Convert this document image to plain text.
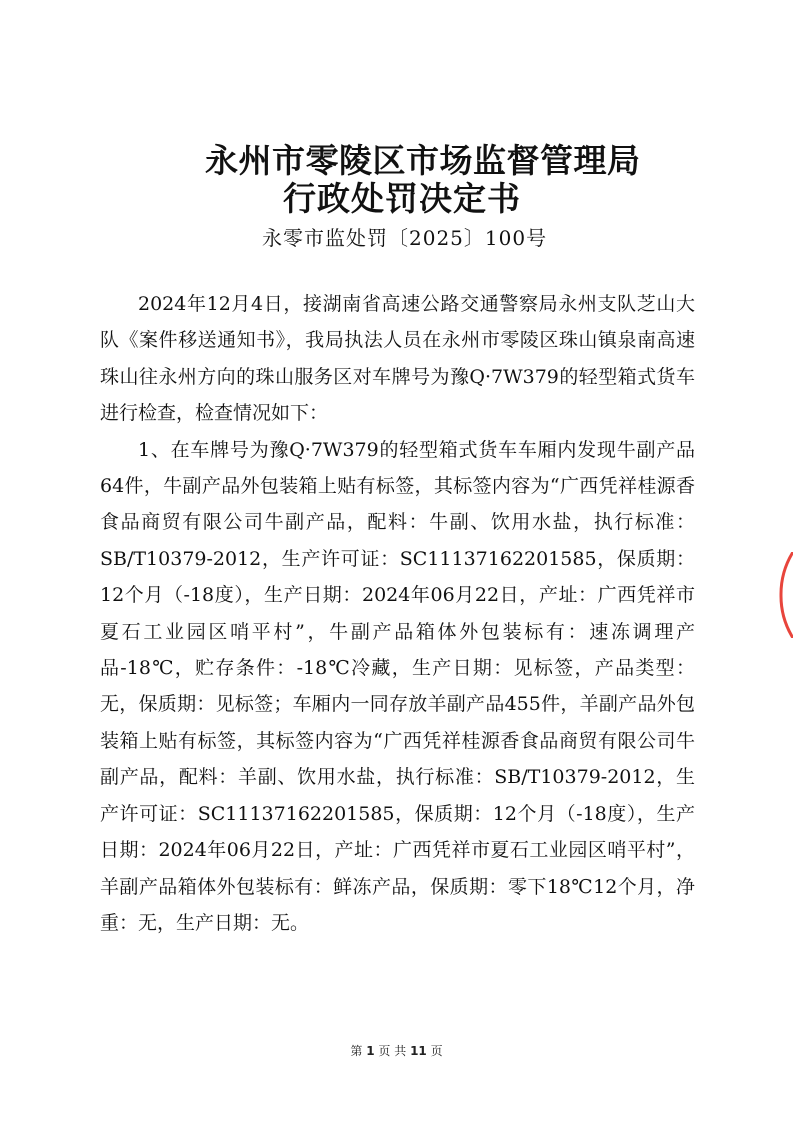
永州市零陵区市场监督管理局
行政处罚决定书
永零市监处罚〔2025〕100号

2024年12月4日，接湖南省高速公路交通警察局永州支队芝山大队《案件移送通知书》，我局执法人员在永州市零陵区珠山镇泉南高速珠山往永州方向的珠山服务区对车牌号为豫Q·7W379的轻型箱式货车进行检查，检查情况如下：

1、在车牌号为豫Q·7W379的轻型箱式货车车厢内发现牛副产品64件，牛副产品外包装箱上贴有标签，其标签内容为“广西凭祥桂源香食品商贸有限公司牛副产品，配料：牛副、饮用水盐，执行标准：SB/T10379-2012，生产许可证：SC11137162201585，保质期：12个月（-18度），生产日期：2024年06月22日，产址：广西凭祥市夏石工业园区哨平村”，牛副产品箱体外包装标有：速冻调理产品-18℃，贮存条件：-18℃冷藏，生产日期：见标签，产品类型：无，保质期：见标签；车厢内一同存放羊副产品455件，羊副产品外包装箱上贴有标签，其标签内容为“广西凭祥桂源香食品商贸有限公司牛副产品，配料：羊副、饮用水盐，执行标准：SB/T10379-2012，生产许可证：SC11137162201585，保质期：12个月（-18度），生产日期：2024年06月22日，产址：广西凭祥市夏石工业园区哨平村”，羊副产品箱体外包装标有：鲜冻产品，保质期：零下18℃12个月，净重：无，生产日期：无。

第 1 页 共 11 页
